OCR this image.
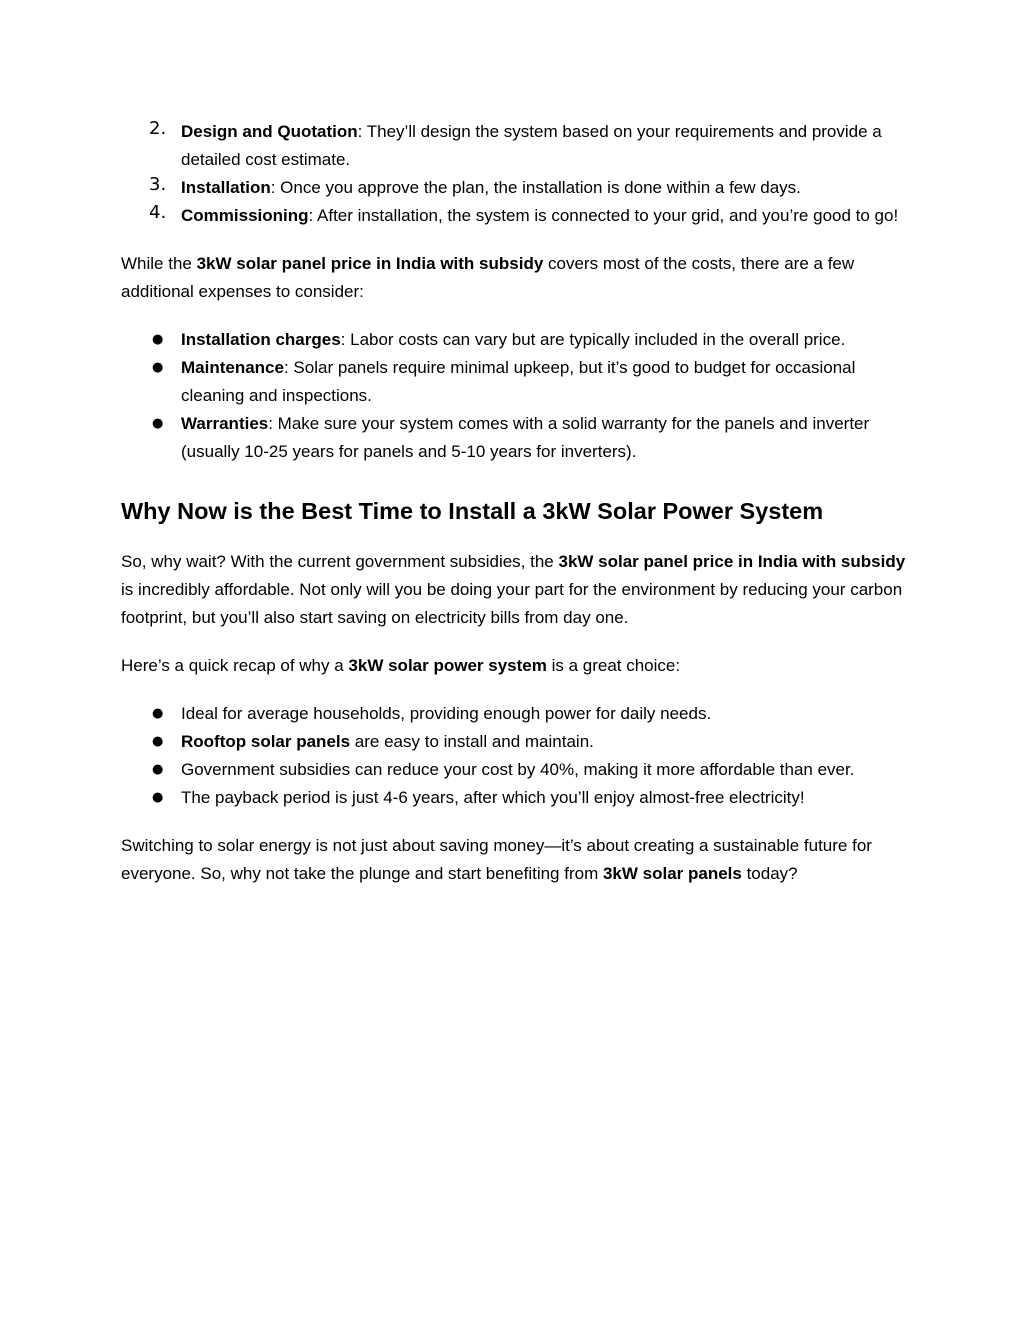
2. Design and Quotation: They’ll design the system based on your requirements and provide a detailed cost estimate.
3. Installation: Once you approve the plan, the installation is done within a few days.
4. Commissioning: After installation, the system is connected to your grid, and you’re good to go!

While the 3kW solar panel price in India with subsidy covers most of the costs, there are a few additional expenses to consider:

● Installation charges: Labor costs can vary but are typically included in the overall price.
● Maintenance: Solar panels require minimal upkeep, but it’s good to budget for occasional cleaning and inspections.
● Warranties: Make sure your system comes with a solid warranty for the panels and inverter (usually 10-25 years for panels and 5-10 years for inverters).
Why Now is the Best Time to Install a 3kW Solar Power System

So, why wait? With the current government subsidies, the 3kW solar panel price in India with subsidy is incredibly affordable. Not only will you be doing your part for the environment by reducing your carbon footprint, but you’ll also start saving on electricity bills from day one.

Here’s a quick recap of why a 3kW solar power system is a great choice:

● Ideal for average households, providing enough power for daily needs.
● Rooftop solar panels are easy to install and maintain.
● Government subsidies can reduce your cost by 40%, making it more affordable than ever.
● The payback period is just 4-6 years, after which you’ll enjoy almost-free electricity!

Switching to solar energy is not just about saving money—it’s about creating a sustainable future for everyone. So, why not take the plunge and start benefiting from 3kW solar panels today?
